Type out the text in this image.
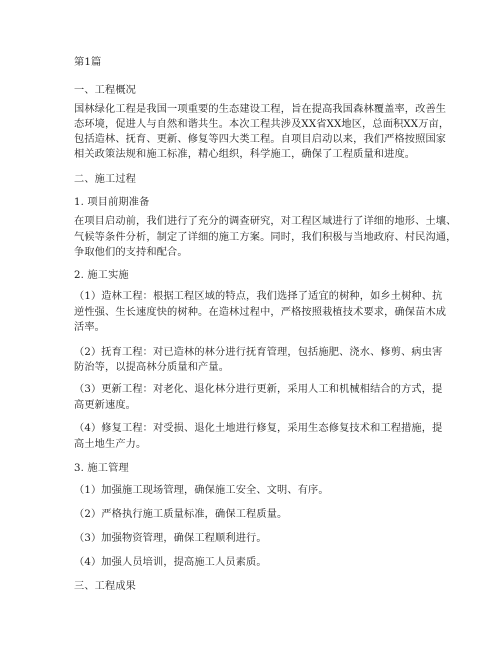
第1篇
一、工程概况
国林绿化工程是我国一项重要的生态建设工程，旨在提高我国森林覆盖率，改善生
态环境，促进人与自然和谐共生。本次工程共涉及XX省XX地区，总面积XX万亩，
包括造林、抚育、更新、修复等四大类工程。自项目启动以来，我们严格按照国家
相关政策法规和施工标准，精心组织，科学施工，确保了工程质量和进度。
二、施工过程
1. 项目前期准备
在项目启动前，我们进行了充分的调查研究，对工程区域进行了详细的地形、土壤、
气候等条件分析，制定了详细的施工方案。同时，我们积极与当地政府、村民沟通，
争取他们的支持和配合。
2. 施工实施
（1）造林工程：根据工程区域的特点，我们选择了适宜的树种，如乡土树种、抗
逆性强、生长速度快的树种。在造林过程中，严格按照栽植技术要求，确保苗木成
活率。
（2）抚育工程：对已造林的林分进行抚育管理，包括施肥、浇水、修剪、病虫害
防治等，以提高林分质量和产量。
（3）更新工程：对老化、退化林分进行更新，采用人工和机械相结合的方式，提
高更新速度。
（4）修复工程：对受损、退化土地进行修复，采用生态修复技术和工程措施，提
高土地生产力。
3. 施工管理
（1）加强施工现场管理，确保施工安全、文明、有序。
（2）严格执行施工质量标准，确保工程质量。
（3）加强物资管理，确保工程顺利进行。
（4）加强人员培训，提高施工人员素质。
三、工程成果
